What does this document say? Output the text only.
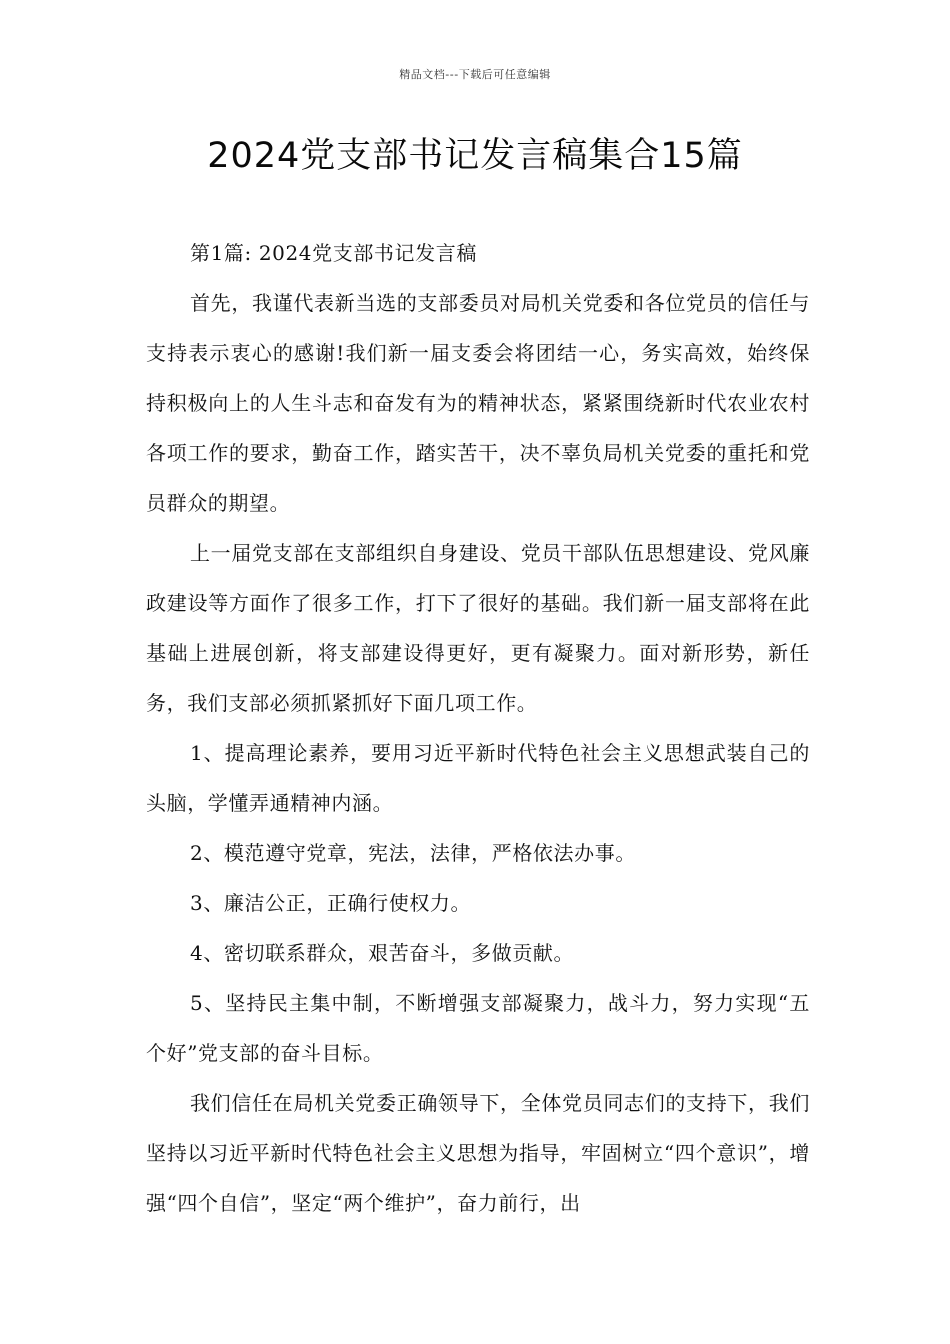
精品文档---下载后可任意编辑
2024党支部书记发言稿集合15篇

第1篇: 2024党支部书记发言稿

首先，我谨代表新当选的支部委员对局机关党委和各位党员的信任与支持表示衷心的感谢!我们新一届支委会将团结一心，务实高效，始终保持积极向上的人生斗志和奋发有为的精神状态，紧紧围绕新时代农业农村各项工作的要求，勤奋工作，踏实苦干，决不辜负局机关党委的重托和党员群众的期望。

上一届党支部在支部组织自身建设、党员干部队伍思想建设、党风廉政建设等方面作了很多工作，打下了很好的基础。我们新一届支部将在此基础上进展创新，将支部建设得更好，更有凝聚力。面对新形势，新任务，我们支部必须抓紧抓好下面几项工作。

1、提高理论素养，要用习近平新时代特色社会主义思想武装自己的头脑，学懂弄通精神内涵。

2、模范遵守党章，宪法，法律，严格依法办事。

3、廉洁公正，正确行使权力。

4、密切联系群众，艰苦奋斗，多做贡献。

5、坚持民主集中制，不断增强支部凝聚力，战斗力，努力实现“五个好”党支部的奋斗目标。

我们信任在局机关党委正确领导下，全体党员同志们的支持下，我们坚持以习近平新时代特色社会主义思想为指导，牢固树立“四个意识”，增强“四个自信”，坚定“两个维护”，奋力前行，出
